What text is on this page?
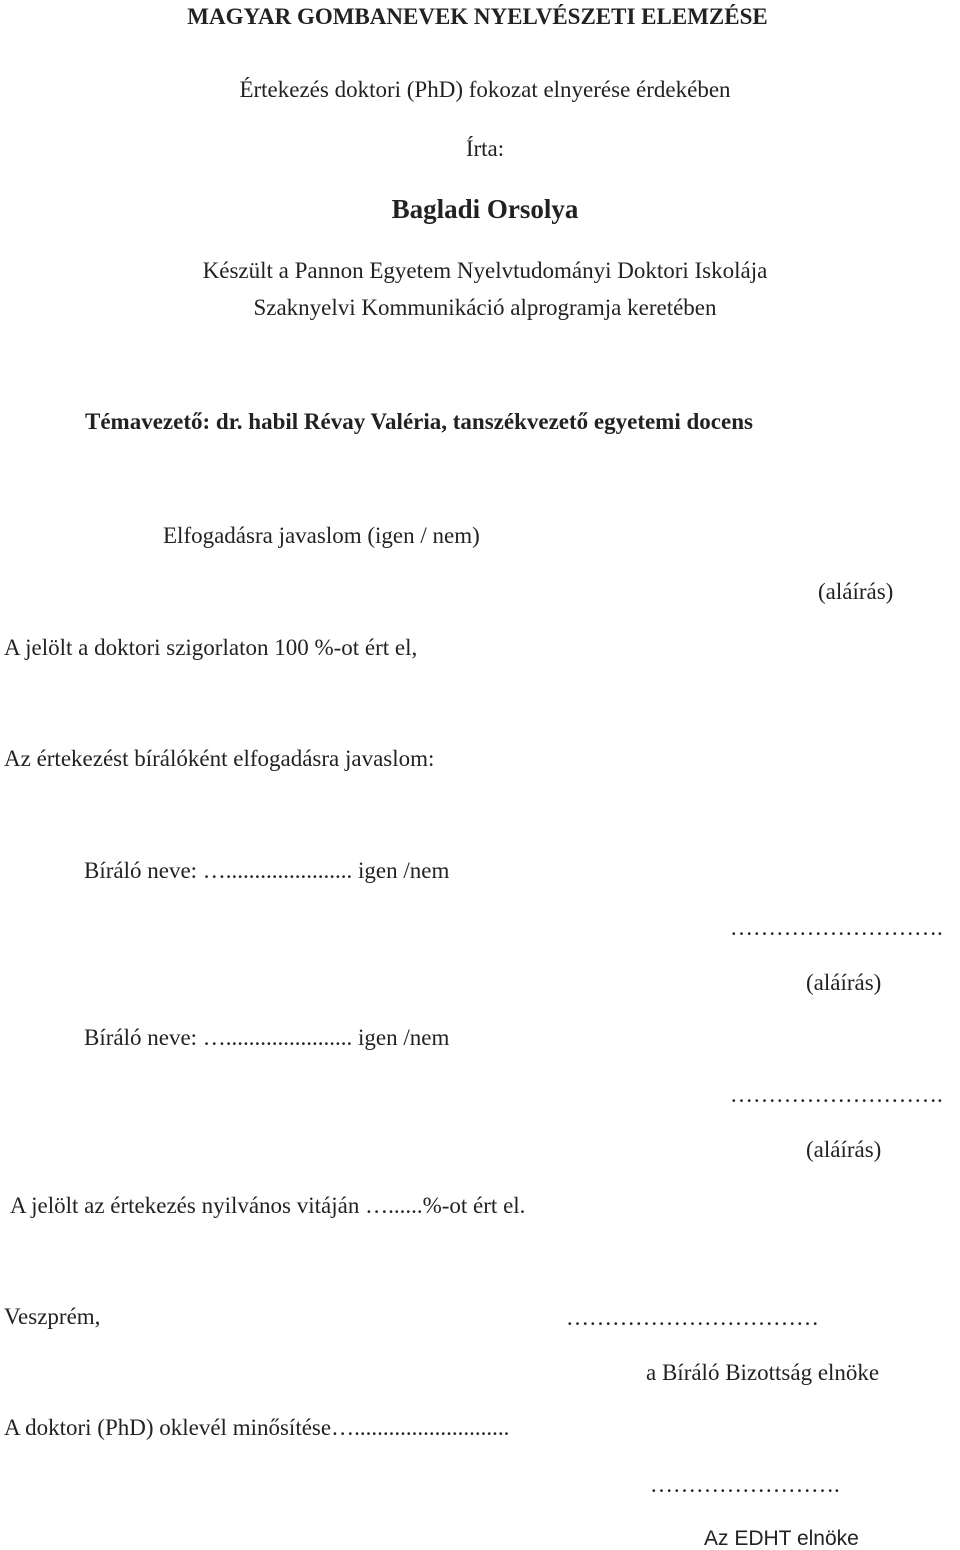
MAGYAR GOMBANEVEK NYELVÉSZETI ELEMZÉSE
Értekezés doktori (PhD) fokozat elnyerése érdekében
Írta:
Bagladi Orsolya
Készült a Pannon Egyetem Nyelvtudományi Doktori Iskolája
Szaknyelvi Kommunikáció alprogramja keretében
Témavezető: dr. habil Révay Valéria, tanszékvezető egyetemi docens
Elfogadásra javaslom (igen / nem)
(aláírás)
A jelölt a doktori szigorlaton 100 %-ot ért el,
Az értekezést bírálóként elfogadásra javaslom:
Bíráló neve: …...................... igen /nem
……………………….
(aláírás)
Bíráló neve: …...................... igen /nem
……………………….
(aláírás)
A jelölt az értekezés nyilvános vitáján …......%-ot ért el.
Veszprém,	……………………………
a Bíráló Bizottság elnöke
A doktori (PhD) oklevél minősítése…...........................
…………………….
Az EDHT elnöke
